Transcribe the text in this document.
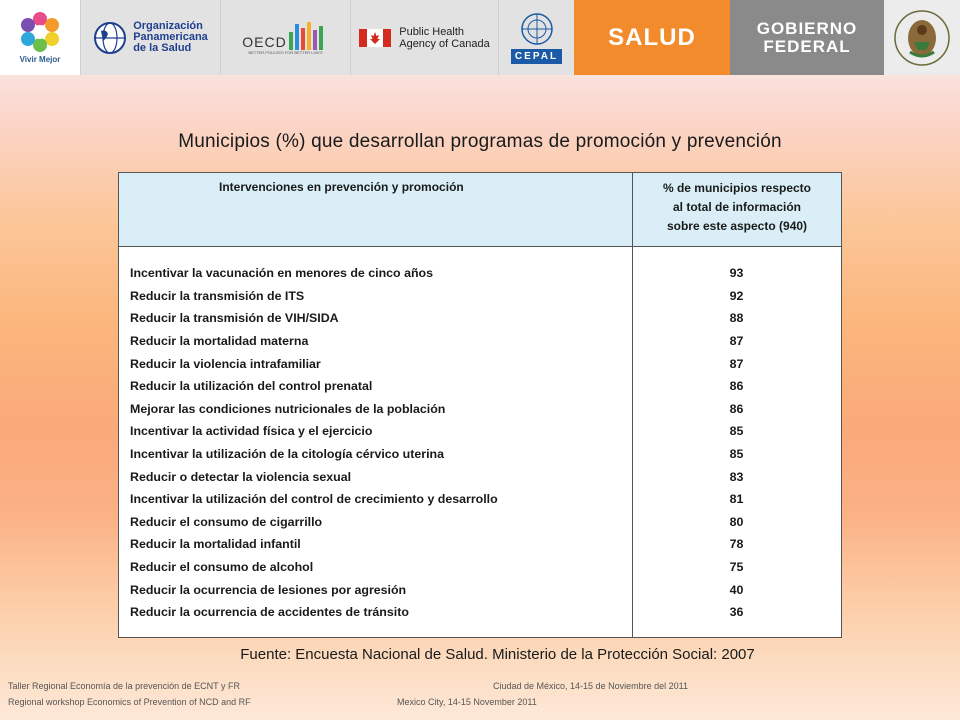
Vivir Mejor
Organización
Panamericana
de la Salud	OECD
BETTER POLICIES FOR BETTER LIVES
Public Health
Agency of Canada
CEPAL
SALUD	GOBIERNO
FEDERAL
Municipios (%) que desarrollan programas de promoción y prevención
Intervenciones en prevención y promoción	% de municipios respecto
al total de información
sobre este aspecto (940)
Incentivar la vacunación en menores de cinco años	93
Reducir la transmisión de ITS	92
Reducir la transmisión de VIH/SIDA	88
Reducir la mortalidad materna	87
Reducir la violencia intrafamiliar	87
Reducir la utilización del control prenatal	86
Mejorar las condiciones nutricionales de la población	86
Incentivar la actividad física y el ejercicio	85
Incentivar la utilización de la citología cérvico uterina	85
Reducir o detectar la violencia sexual	83
Incentivar la utilización del control de crecimiento y desarrollo	81
Reducir el consumo de cigarrillo	80
Reducir la mortalidad infantil	78
Reducir el consumo de alcohol	75
Reducir la ocurrencia de lesiones por agresión	40
Reducir la ocurrencia de accidentes de tránsito	36
Fuente: Encuesta Nacional de Salud. Ministerio de la Protección Social: 2007
Taller Regional Economía de la prevención de ECNT y FR	Ciudad de México, 14-15 de Noviembre del 2011
Regional workshop Economics of Prevention of NCD and RF	Mexico City, 14-15 November 2011
